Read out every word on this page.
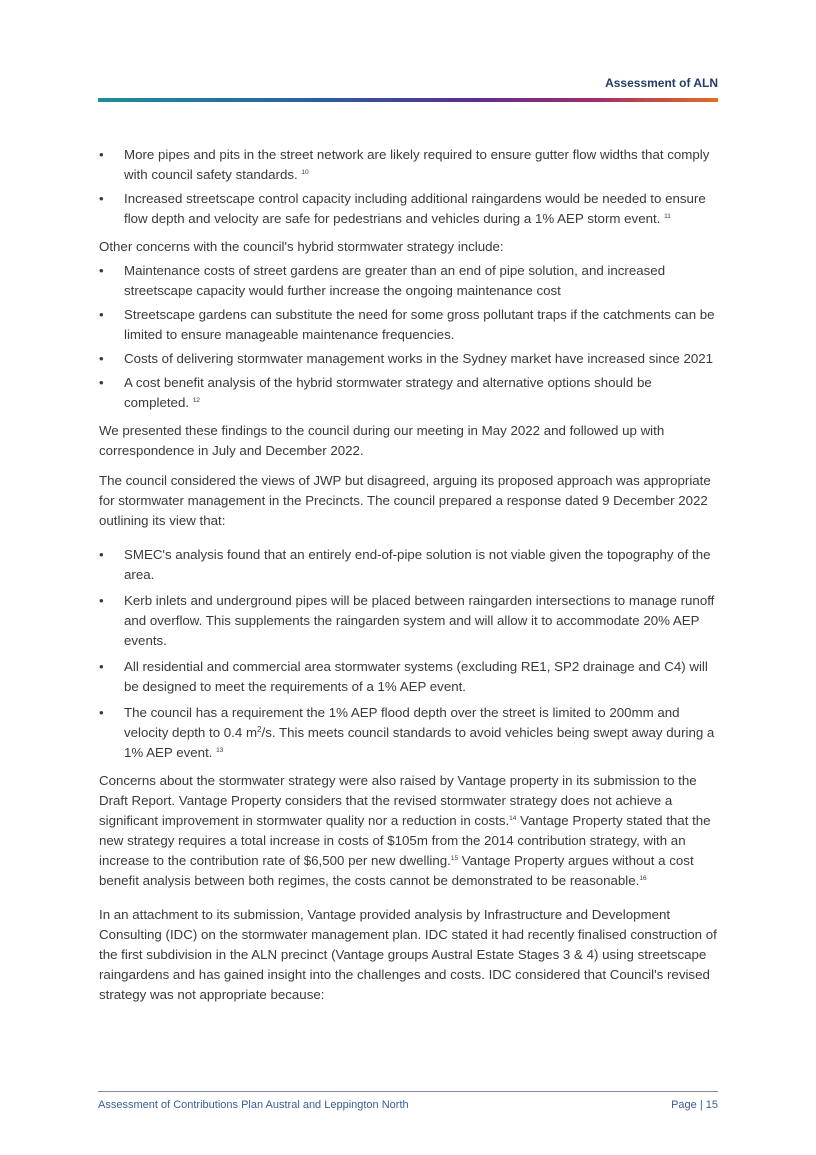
Assessment of ALN
•	More pipes and pits in the street network are likely required to ensure gutter flow widths that comply with council safety standards. $^{10}$
•	Increased streetscape control capacity including additional raingardens would be needed to ensure flow depth and velocity are safe for pedestrians and vehicles during a 1% AEP storm event. $^{11}$

Other concerns with the council's hybrid stormwater strategy include:

•	Maintenance costs of street gardens are greater than an end of pipe solution, and increased streetscape capacity would further increase the ongoing maintenance cost
•	Streetscape gardens can substitute the need for some gross pollutant traps if the catchments can be limited to ensure manageable maintenance frequencies.
•	Costs of delivering stormwater management works in the Sydney market have increased since 2021
•	A cost benefit analysis of the hybrid stormwater strategy and alternative options should be completed. $^{12}$

We presented these findings to the council during our meeting in May 2022 and followed up with correspondence in July and December 2022.

The council considered the views of JWP but disagreed, arguing its proposed approach was appropriate for stormwater management in the Precincts. The council prepared a response dated 9 December 2022 outlining its view that:

•	SMEC's analysis found that an entirely end-of-pipe solution is not viable given the topography of the area.
•	Kerb inlets and underground pipes will be placed between raingarden intersections to manage runoff and overflow. This supplements the raingarden system and will allow it to accommodate 20% AEP events.
•	All residential and commercial area stormwater systems (excluding RE1, SP2 drainage and C4) will be designed to meet the requirements of a 1% AEP event.
•	The council has a requirement the 1% AEP flood depth over the street is limited to 200mm and velocity depth to 0.4 $m^2/s$. This meets council standards to avoid vehicles being swept away during a 1% AEP event. $^{13}$

Concerns about the stormwater strategy were also raised by Vantage property in its submission to the Draft Report. Vantage Property considers that the revised stormwater strategy does not achieve a significant improvement in stormwater quality nor a reduction in costs.$^{14}$ Vantage Property stated that the new strategy requires a total increase in costs of $105m from the 2014 contribution strategy, with an increase to the contribution rate of $6,500 per new dwelling.$^{15}$ Vantage Property argues without a cost benefit analysis between both regimes, the costs cannot be demonstrated to be reasonable.$^{16}$

In an attachment to its submission, Vantage provided analysis by Infrastructure and Development Consulting (IDC) on the stormwater management plan. IDC stated it had recently finalised construction of the first subdivision in the ALN precinct (Vantage groups Austral Estate Stages 3 & 4) using streetscape raingardens and has gained insight into the challenges and costs. IDC considered that Council's revised strategy was not appropriate because:

Assessment of Contributions Plan Austral and Leppington North	Page | 15
